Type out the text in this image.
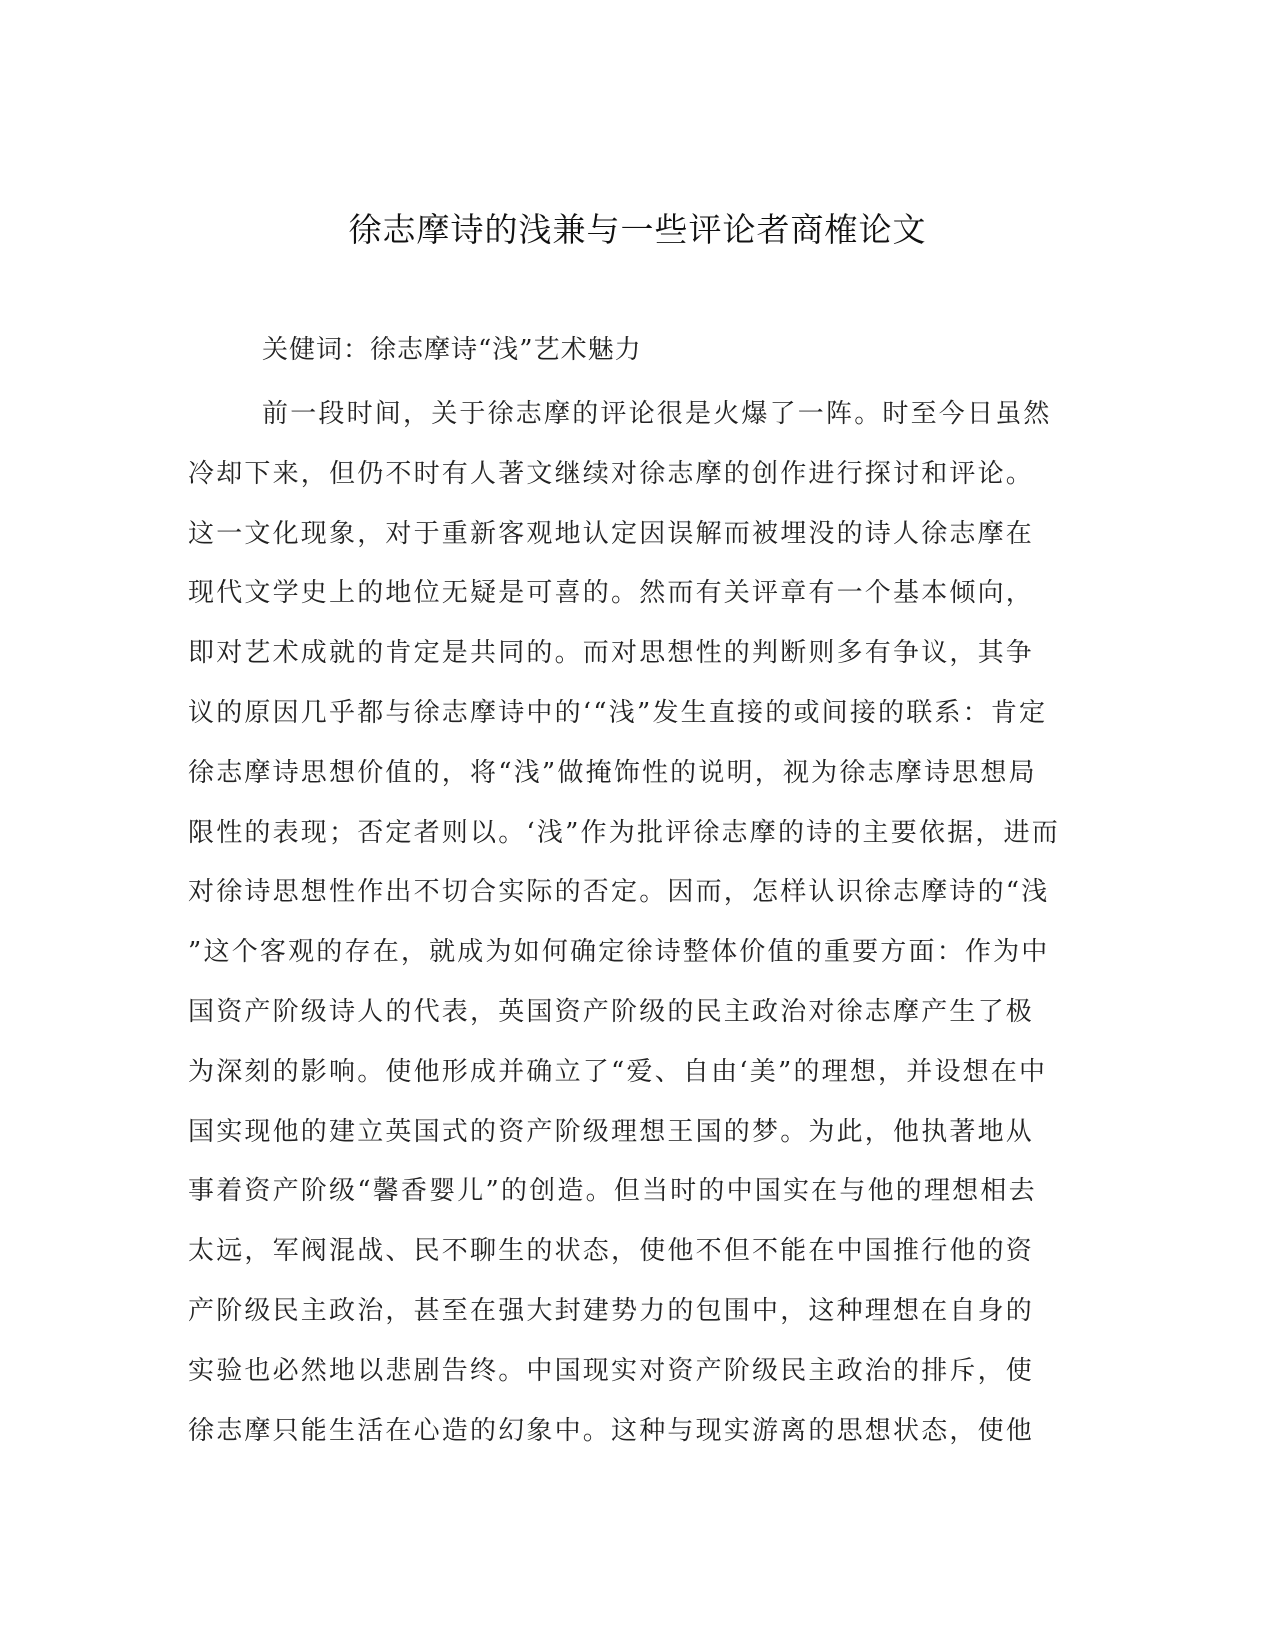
徐志摩诗的浅兼与一些评论者商榷论文
关健词：徐志摩诗“浅”艺术魅力
前一段时间，关于徐志摩的评论很是火爆了一阵。时至今日虽然
冷却下来，但仍不时有人著文继续对徐志摩的创作进行探讨和评论。
这一文化现象，对于重新客观地认定因误解而被埋没的诗人徐志摩在
现代文学史上的地位无疑是可喜的。然而有关评章有一个基本倾向，
即对艺术成就的肯定是共同的。而对思想性的判断则多有争议，其争
议的原因几乎都与徐志摩诗中的‘“浅”发生直接的或间接的联系：肯定
徐志摩诗思想价值的，将“浅”做掩饰性的说明，视为徐志摩诗思想局
限性的表现；否定者则以。‘浅”作为批评徐志摩的诗的主要依据，进而
对徐诗思想性作出不切合实际的否定。因而，怎样认识徐志摩诗的“浅
”这个客观的存在，就成为如何确定徐诗整体价值的重要方面：作为中
国资产阶级诗人的代表，英国资产阶级的民主政治对徐志摩产生了极
为深刻的影响。使他形成并确立了“爱、自由‘美”的理想，并设想在中
国实现他的建立英国式的资产阶级理想王国的梦。为此，他执著地从
事着资产阶级“馨香婴儿”的创造。但当时的中国实在与他的理想相去
太远，军阀混战、民不聊生的状态，使他不但不能在中国推行他的资
产阶级民主政治，甚至在强大封建势力的包围中，这种理想在自身的
实验也必然地以悲剧告终。中国现实对资产阶级民主政治的排斥，使
徐志摩只能生活在心造的幻象中。这种与现实游离的思想状态，使他
